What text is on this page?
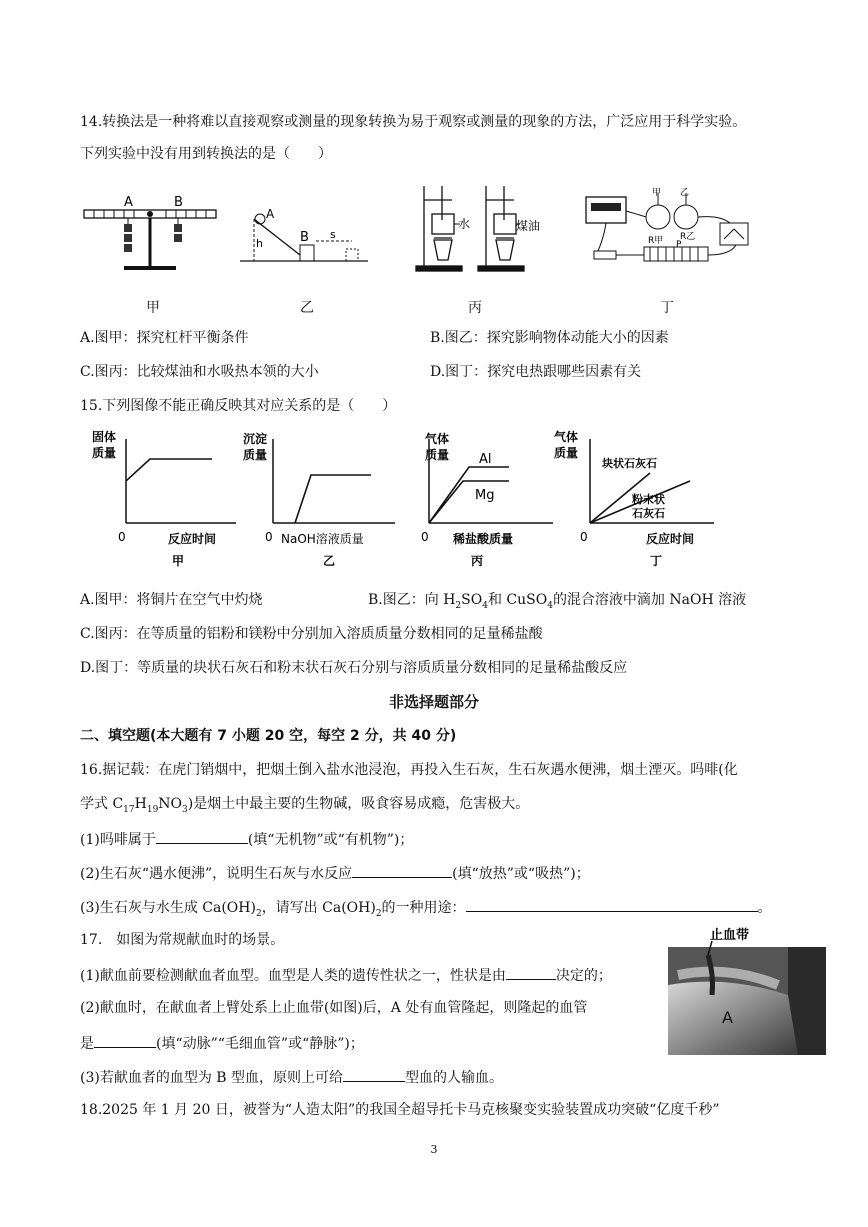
14.转换法是一种将难以直接观察或测量的现象转换为易于观察或测量的现象的方法，广泛应用于科学实验。
下列实验中没有用到转换法的是（　　）
A	B
A
h	B s
水	煤油
甲 乙
R甲 R乙
P
甲	乙	丙	丁
A.图甲：探究杠杆平衡条件	B.图乙：探究影响物体动能大小的因素
C.图丙：比较煤油和水吸热本领的大小	D.图丁：探究电热跟哪些因素有关
15.下列图像不能正确反映其对应关系的是（　　）
固体
质量
0	反应时间
甲
沉淀
质量
0 NaOH溶液质量
乙
气体
质量 Al
Mg
0 稀盐酸质量
丙
气体
质量
块状石灰石
粉末状
石灰石
0	反应时间
丁
A.图甲：将铜片在空气中灼烧	B.图乙：向 $H_2SO_4$和 CuSO$_4$的混合溶液中滴加 NaOH 溶液
C.图丙：在等质量的铝粉和镁粉中分别加入溶质质量分数相同的足量稀盐酸
D.图丁：等质量的块状石灰石和粉末状石灰石分别与溶质质量分数相同的足量稀盐酸反应
非选择题部分
二、填空题(本大题有 7 小题 20 空，每空 2 分，共 40 分)
16.据记载：在虎门销烟中，把烟土倒入盐水池浸泡，再投入生石灰，生石灰遇水便沸，烟土湮灭。吗啡(化
学式 $C_{17}H_{19}NO_3$)是烟土中最主要的生物碱，吸食容易成瘾，危害极大。
(1)吗啡属于	(填“无机物”或“有机物”)；
(2)生石灰“遇水便沸”，说明生石灰与水反应	(填“放热”或“吸热”)；
(3)生石灰与水生成 $Ca(OH)_2$，请写出 $Ca(OH)_2$的一种用途：	。
17.　如图为常规献血时的场景。
(1)献血前要检测献血者血型。血型是人类的遗传性状之一，性状是由	决定的；
(2)献血时，在献血者上臂处系上止血带(如图)后，A 处有血管隆起，则隆起的血管
是	(填“动脉”“毛细血管”或“静脉”)；
(3)若献血者的血型为 B 型血，原则上可给	型血的人输血。
止血带
A
18.2025 年 1 月 20 日，被誉为“人造太阳”的我国全超导托卡马克核聚变实验装置成功突破“亿度千秒”
3
